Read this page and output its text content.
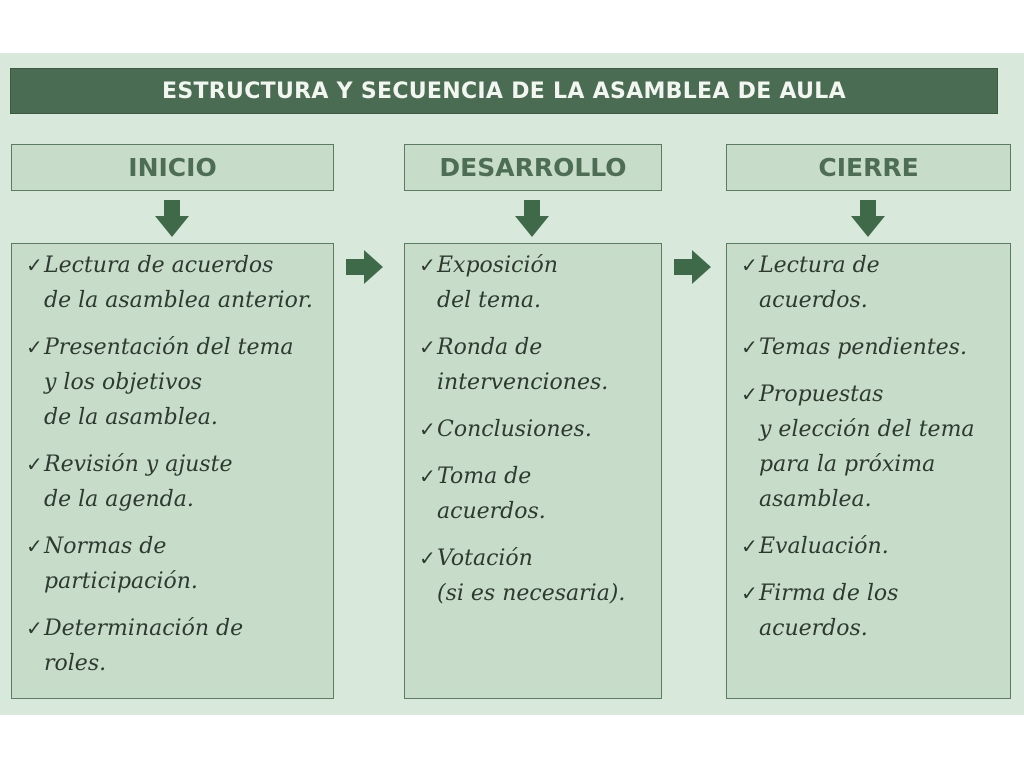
ESTRUCTURA Y SECUENCIA DE LA ASAMBLEA DE AULA
INICIO	DESARROLLO	CIERRE
✓ Lectura de acuerdos
de la asamblea anterior.
✓ Presentación del tema
y los objetivos
de la asamblea.
✓ Revisión y ajuste
de la agenda.
✓ Normas de
participación.
✓ Determinación de
roles.
✓ Exposición
del tema.
✓ Ronda de
intervenciones.
✓ Conclusiones.
✓ Toma de
acuerdos.
✓ Votación
(si es necesaria).
✓ Lectura de
acuerdos.
✓ Temas pendientes.
✓ Propuestas
y elección del tema
para la próxima
asamblea.
✓ Evaluación.
✓ Firma de los
acuerdos.
